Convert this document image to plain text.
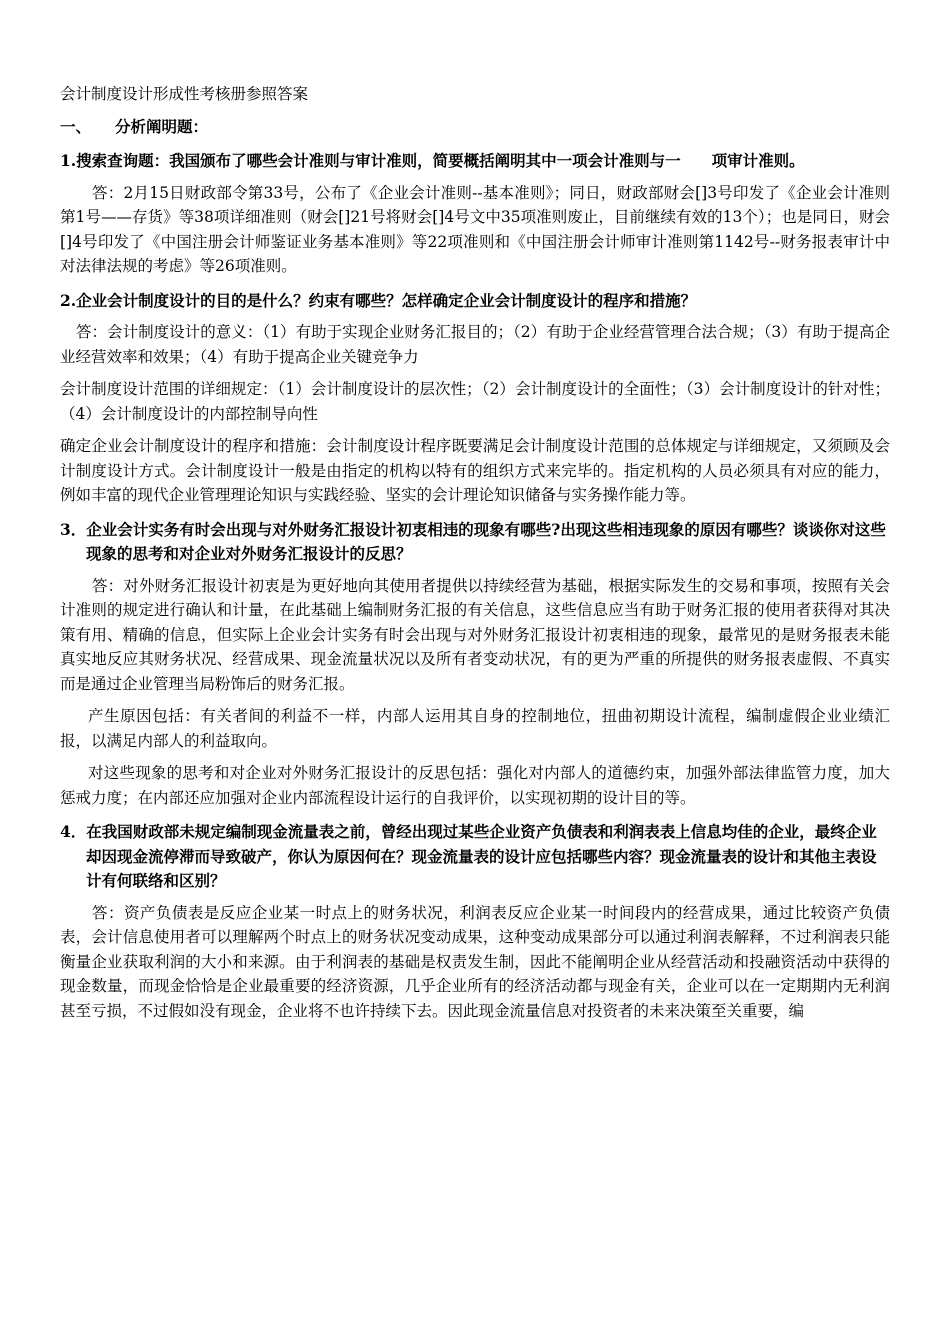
会计制度设计形成性考核册参照答案
一、 分析阐明题：
1.搜索查询题：我国颁布了哪些会计准则与审计准则，简要概括阐明其中一项会计准则与一　　项审计准则。
答：2月15日财政部令第33号，公布了《企业会计准则--基本准则》；同日，财政部财会[]3号印发了《企业会计准则第1号——存货》等38项详细准则（财会[]21号将财会[]4号文中35项准则废止，目前继续有效的13个）；也是同日，财会[]4号印发了《中国注册会计师鉴证业务基本准则》等22项准则和《中国注册会计师审计准则第1142号--财务报表审计中对法律法规的考虑》等26项准则。
2.企业会计制度设计的目的是什么？约束有哪些？怎样确定企业会计制度设计的程序和措施？
答：会计制度设计的意义：（1）有助于实现企业财务汇报目的；（2）有助于企业经营管理合法合规；（3）有助于提高企业经营效率和效果；（4）有助于提高企业关键竞争力
会计制度设计范围的详细规定：（1）会计制度设计的层次性；（2）会计制度设计的全面性；（3）会计制度设计的针对性；（4）会计制度设计的内部控制导向性
确定企业会计制度设计的程序和措施：会计制度设计程序既要满足会计制度设计范围的总体规定与详细规定，又须顾及会计制度设计方式。会计制度设计一般是由指定的机构以特有的组织方式来完毕的。指定机构的人员必须具有对应的能力，例如丰富的现代企业管理理论知识与实践经验、坚实的会计理论知识储备与实务操作能力等。
3．企业会计实务有时会出现与对外财务汇报设计初衷相违的现象有哪些?出现这些相违现象的原因有哪些？谈谈你对这些现象的思考和对企业对外财务汇报设计的反思？
答：对外财务汇报设计初衷是为更好地向其使用者提供以持续经营为基础，根据实际发生的交易和事项，按照有关会计准则的规定进行确认和计量，在此基础上编制财务汇报的有关信息，这些信息应当有助于财务汇报的使用者获得对其决策有用、精确的信息，但实际上企业会计实务有时会出现与对外财务汇报设计初衷相违的现象，最常见的是财务报表未能真实地反应其财务状况、经营成果、现金流量状况以及所有者变动状况，有的更为严重的所提供的财务报表虚假、不真实而是通过企业管理当局粉饰后的财务汇报。
产生原因包括：有关者间的利益不一样，内部人运用其自身的控制地位，扭曲初期设计流程，编制虚假企业业绩汇报，以满足内部人的利益取向。
对这些现象的思考和对企业对外财务汇报设计的反思包括：强化对内部人的道德约束，加强外部法律监管力度，加大惩戒力度；在内部还应加强对企业内部流程设计运行的自我评价，以实现初期的设计目的等。
4．在我国财政部未规定编制现金流量表之前，曾经出现过某些企业资产负债表和利润表表上信息均佳的企业，最终企业却因现金流停滞而导致破产，你认为原因何在？现金流量表的设计应包括哪些内容？现金流量表的设计和其他主表设计有何联络和区别？
答：资产负债表是反应企业某一时点上的财务状况，利润表反应企业某一时间段内的经营成果，通过比较资产负债表，会计信息使用者可以理解两个时点上的财务状况变动成果，这种变动成果部分可以通过利润表解释，不过利润表只能衡量企业获取利润的大小和来源。由于利润表的基础是权责发生制，因此不能阐明企业从经营活动和投融资活动中获得的现金数量，而现金恰恰是企业最重要的经济资源，几乎企业所有的经济活动都与现金有关，企业可以在一定期期内无利润甚至亏损，不过假如没有现金，企业将不也许持续下去。因此现金流量信息对投资者的未来决策至关重要，编
